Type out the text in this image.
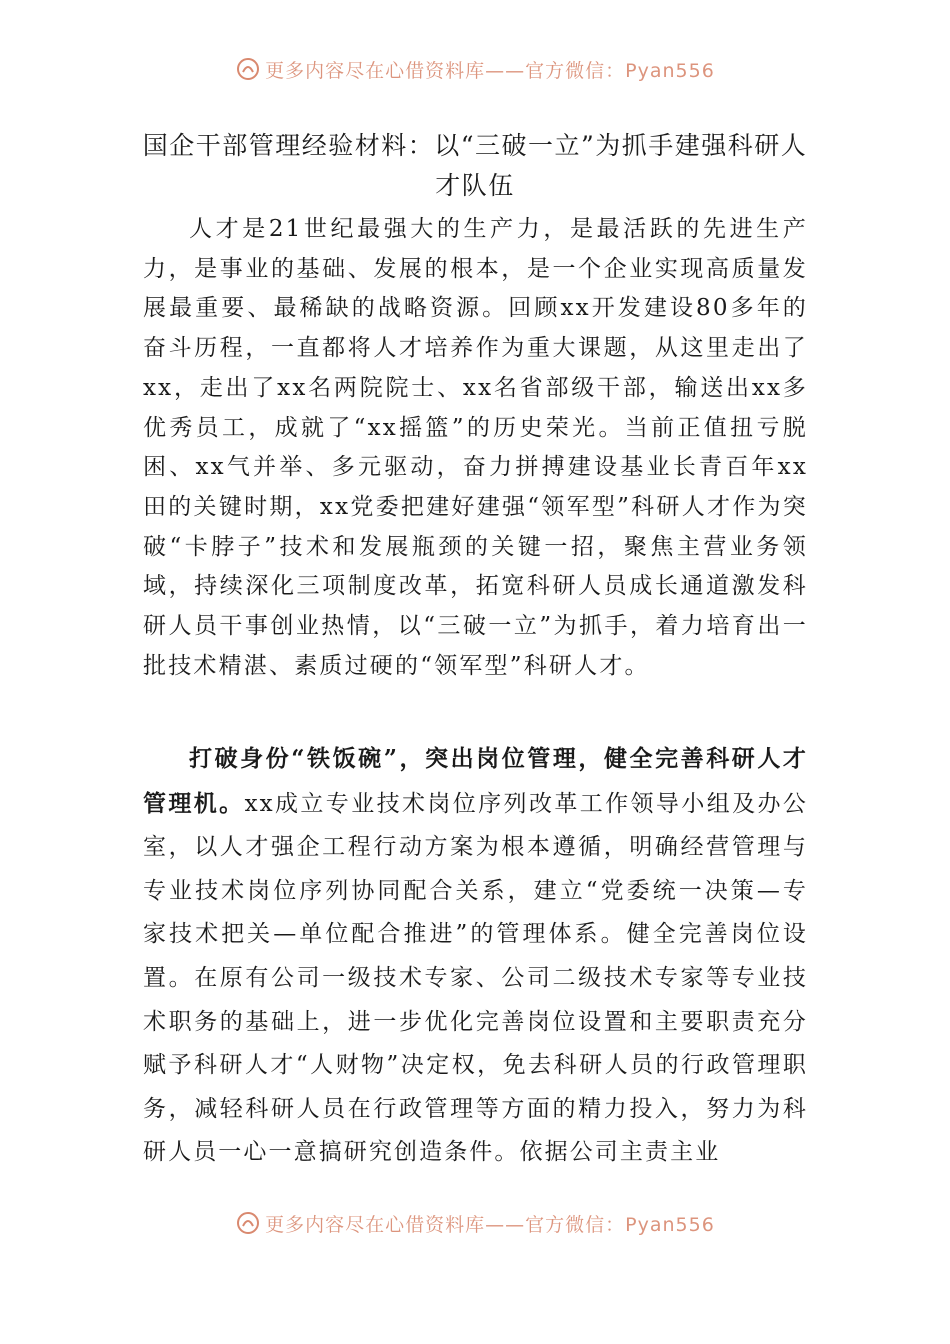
更多内容尽在心借资料库——官方微信：Pyan556
国企干部管理经验材料：以“三破一立”为抓手建强科研人才队伍

人才是21世纪最强大的生产力，是最活跃的先进生产力，是事业的基础、发展的根本，是一个企业实现高质量发展最重要、最稀缺的战略资源。回顾xx开发建设80多年的奋斗历程，一直都将人才培养作为重大课题，从这里走出了xx，走出了xx名两院院士、xx名省部级干部，输送出xx多优秀员工，成就了“xx摇篮”的历史荣光。当前正值扭亏脱困、xx气并举、多元驱动，奋力拼搏建设基业长青百年xx田的关键时期，xx党委把建好建强“领军型”科研人才作为突破“卡脖子”技术和发展瓶颈的关键一招，聚焦主营业务领域，持续深化三项制度改革，拓宽科研人员成长通道激发科研人员干事创业热情，以“三破一立”为抓手，着力培育出一批技术精湛、素质过硬的“领军型”科研人才。

打破身份“铁饭碗”，突出岗位管理，健全完善科研人才管理机。xx成立专业技术岗位序列改革工作领导小组及办公室，以人才强企工程行动方案为根本遵循，明确经营管理与专业技术岗位序列协同配合关系，建立“党委统一决策—专家技术把关—单位配合推进”的管理体系。健全完善岗位设置。在原有公司一级技术专家、公司二级技术专家等专业技术职务的基础上，进一步优化完善岗位设置和主要职责充分赋予科研人才“人财物”决定权，免去科研人员的行政管理职务，减轻科研人员在行政管理等方面的精力投入，努力为科研人员一心一意搞研究创造条件。依据公司主责主业

更多内容尽在心借资料库——官方微信：Pyan556
